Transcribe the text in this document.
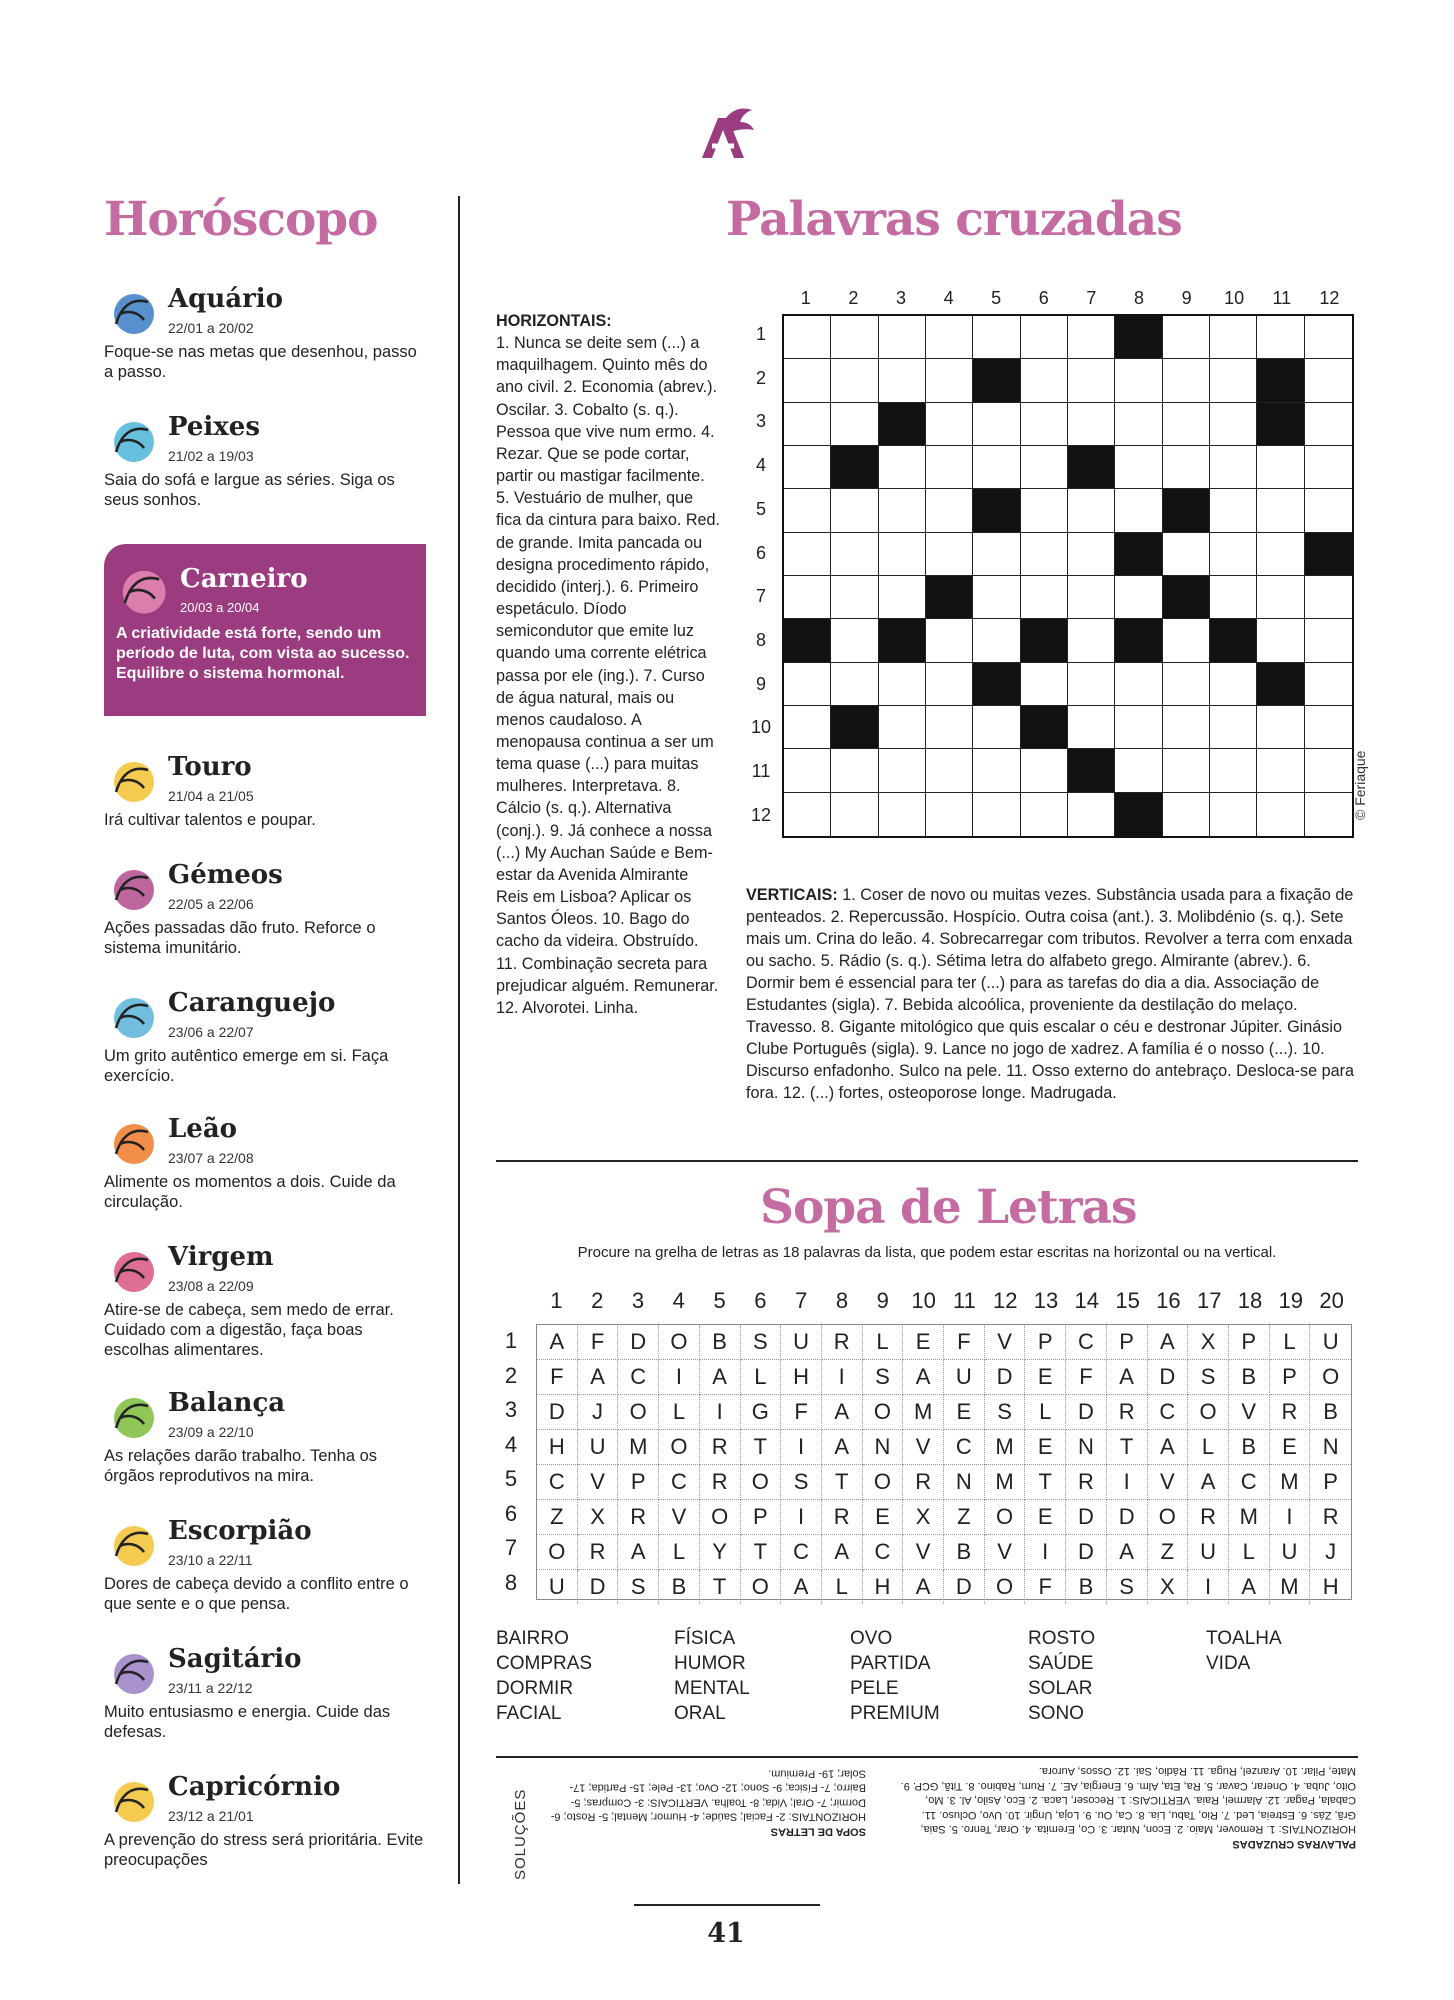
Horóscopo
Aquário
22/01 a 20/02
Foque-se nas metas que desenhou, passo a passo.
Peixes
21/02 a 19/03
Saia do sofá e largue as séries. Siga os seus sonhos.
Carneiro
20/03 a 20/04
A criatividade está forte, sendo um período de luta, com vista ao sucesso. Equilibre o sistema hormonal.
Touro
21/04 a 21/05
Irá cultivar talentos e poupar.
Gémeos
22/05 a 22/06
Ações passadas dão fruto. Reforce o sistema imunitário.
Caranguejo
23/06 a 22/07
Um grito autêntico emerge em si. Faça exercício.
Leão
23/07 a 22/08
Alimente os momentos a dois. Cuide da circulação.
Virgem
23/08 a 22/09
Atire-se de cabeça, sem medo de errar. Cuidado com a digestão, faça boas escolhas alimentares.
Balança
23/09 a 22/10
As relações darão trabalho. Tenha os órgãos reprodutivos na mira.
Escorpião
23/10 a 22/11
Dores de cabeça devido a conflito entre o que sente e o que pensa.
Sagitário
23/11 a 22/12
Muito entusiasmo e energia. Cuide das defesas.
Capricórnio
23/12 a 21/01
A prevenção do stress será prioritária. Evite preocupações
Palavras cruzadas
HORIZONTAIS:
1. Nunca se deite sem (...) a maquilhagem. Quinto mês do ano civil. 2. Economia (abrev.). Oscilar. 3. Cobalto (s. q.). Pessoa que vive num ermo. 4. Rezar. Que se pode cortar, partir ou mastigar facilmente. 5. Vestuário de mulher, que fica da cintura para baixo. Red. de grande. Imita pancada ou designa procedimento rápido, decidido (interj.). 6. Primeiro espetáculo. Díodo semicondutor que emite luz quando uma corrente elétrica passa por ele (ing.). 7. Curso de água natural, mais ou menos caudaloso. A menopausa continua a ser um tema quase (...) para muitas mulheres. Interpretava. 8. Cálcio (s. q.). Alternativa (conj.). 9. Já conhece a nossa (...) My Auchan Saúde e Bem-estar da Avenida Almirante Reis em Lisboa? Aplicar os Santos Óleos. 10. Bago do cacho da videira. Obstruído. 11. Combinação secreta para prejudicar alguém. Remunerar. 12. Alvorotei. Linha.
1	2	3	4	5	6	7	8	9	10	11	12
1
2
3
4
5
6
7
8
9
10
11
12	© Feriaque
VERTICAIS: 1. Coser de novo ou muitas vezes. Substância usada para a fixação de penteados. 2. Repercussão. Hospício. Outra coisa (ant.). 3. Molibdénio (s. q.). Sete mais um. Crina do leão. 4. Sobrecarregar com tributos. Revolver a terra com enxada ou sacho. 5. Rádio (s. q.). Sétima letra do alfabeto grego. Almirante (abrev.). 6. Dormir bem é essencial para ter (...) para as tarefas do dia a dia. Associação de Estudantes (sigla). 7. Bebida alcoólica, proveniente da destilação do melaço. Travesso. 8. Gigante mitológico que quis escalar o céu e destronar Júpiter. Ginásio Clube Português (sigla). 9. Lance no jogo de xadrez. A família é o nosso (...). 10. Discurso enfadonho. Sulco na pele. 11. Osso externo do antebraço. Desloca-se para fora. 12. (...) fortes, osteoporose longe. Madrugada.
Sopa de Letras
Procure na grelha de letras as 18 palavras da lista, que podem estar escritas na horizontal ou na vertical.
1	2	3	4	5	6	7	8	9	10 11 12 13 14 15 16 17 18 19 20
1
2
3
4
5
6
7
8
A	F	D	O	B	S	U	R	L	E	F	V	P	C	P	A	X	P	L	U
F	A	C	I	A	L	H	I	S	A	U	D	E	F	A	D	S	B	P	O
D	J	O	L	I	G	F	A	O	M	E	S	L	D	R	C	O	V	R	B
H	U	M	O	R	T	I	A	N	V	C	M	E	N	T	A	L	B	E	N
C	V	P	C	R	O	S	T	O	R	N	M	T	R	I	V	A	C	M	P
Z	X	R	V	O	P	I	R	E	X	Z	O	E	D	D	O	R	M	I	R
O	R	A	L	Y	T	C	A	C	V	B	V	I	D	A	Z	U	L	U	J
U	D	S	B	T	O	A	L	H	A	D	O	F	B	S	X	I	A	M	H
BAIRRO
COMPRAS
DORMIR
FACIAL
FÍSICA
HUMOR
MENTAL
ORAL
OVO
PARTIDA
PELE
PREMIUM
ROSTO
SAÚDE
SOLAR
SONO
TOALHA
VIDA
SOLUÇÕES	SOPA DE LETRAS
HORIZONTAIS: 2- Facial; Saúde; 4- Humor; Mental; 5- Rosto; 6- Dormir; 7- Oral; Vida; 8- Toalha. VERTICAIS: 3- Compras; 5- Bairro; 7- Física; 9- Sono; 12- Ovo; 13- Pele; 15- Partida; 17- Solar; 19- Premium.
PALAVRAS CRUZADAS
HORIZONTAIS: 1. Remover, Maio. 2. Econ, Nutar. 3. Co, Eremita. 4. Orar, Tenro. 5. Saia, Grã, Zás. 6. Estreia, Led. 7. Rio, Tabu, Lia. 8. Ca, Ou. 9. Loja, Ungir. 10. Uvo, Ocluso. 11. Cabala, Pagar. 12. Alarmei, Raia. VERTICAIS: 1. Recoser, Laca. 2. Eco, Asilo, Al. 3. Mo, Oito, Juba. 4. Onerar, Cavar. 5. Ra, Eta, Alm. 6. Energia, AE. 7. Rum, Rabino. 8. Titã, GCP. 9. Mate, Pilar. 10. Aranzel, Ruga. 11. Rádio, Sai. 12. Ossos, Aurora.
41
